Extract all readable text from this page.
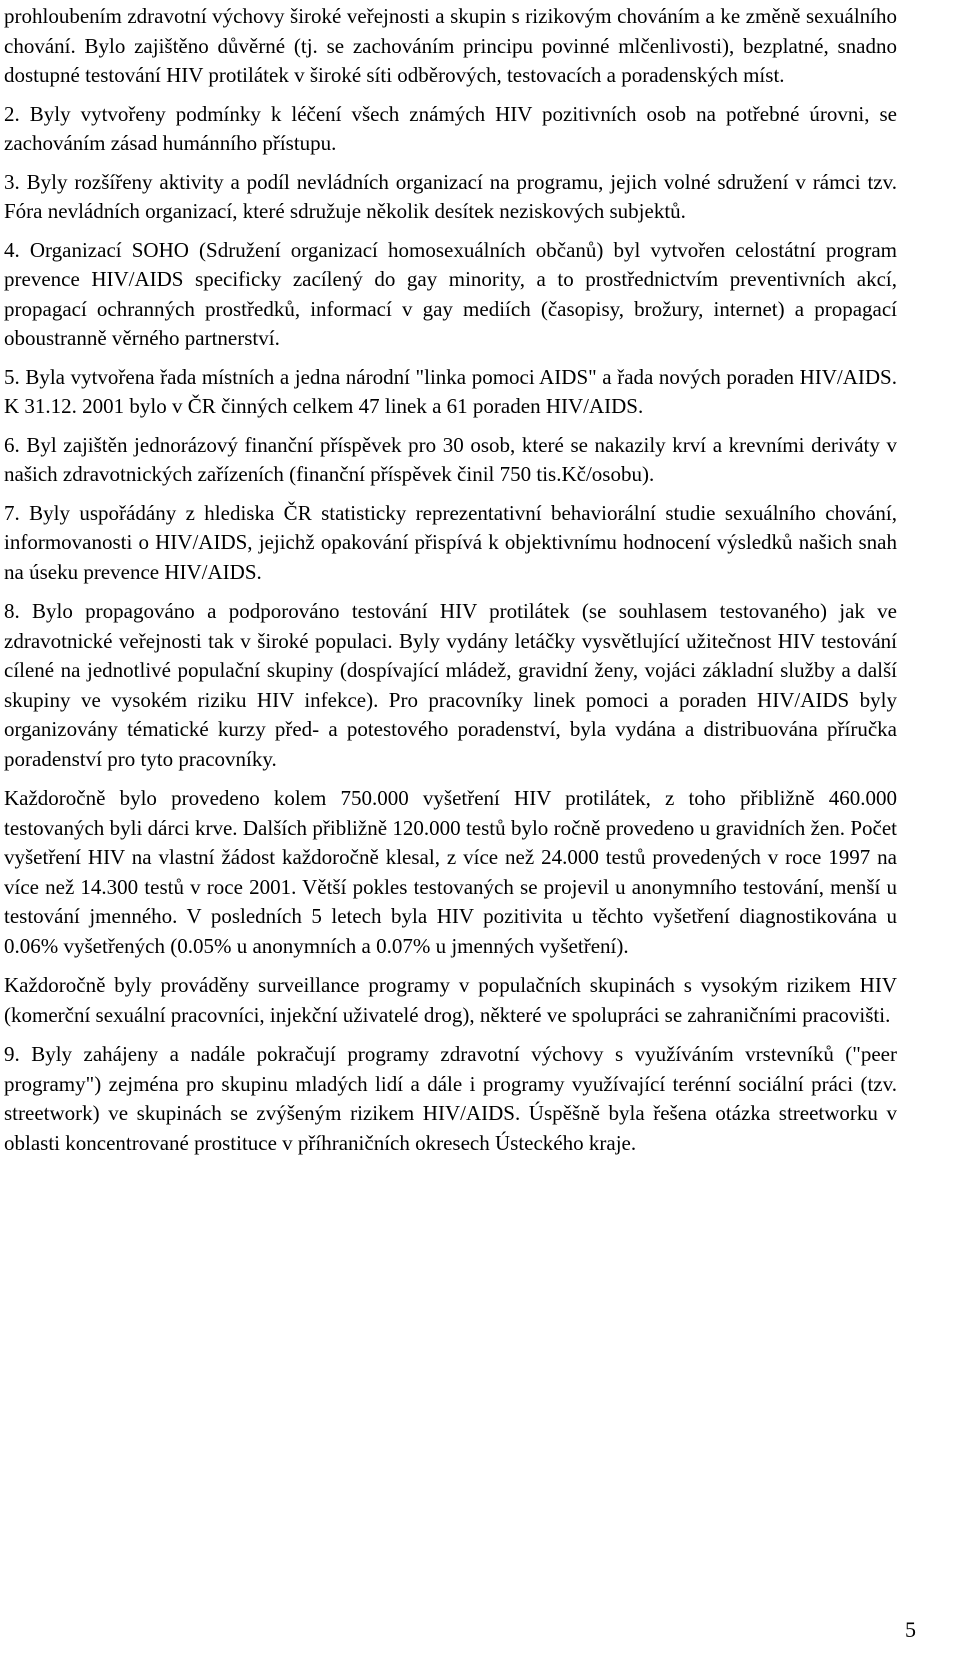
prohloubením zdravotní výchovy široké veřejnosti a skupin s rizikovým chováním a ke změně sexuálního chování. Bylo zajištěno důvěrné (tj. se zachováním principu povinné mlčenlivosti), bezplatné, snadno dostupné testování HIV protilátek v široké síti odběrových, testovacích a poradenských míst.

2. Byly vytvořeny podmínky k léčení všech známých HIV pozitivních osob na potřebné úrovni, se zachováním zásad humánního přístupu.

3. Byly rozšířeny aktivity a podíl nevládních organizací na programu, jejich volné sdružení v rámci tzv. Fóra nevládních organizací, které sdružuje několik desítek neziskových subjektů.

4. Organizací SOHO (Sdružení organizací homosexuálních občanů) byl vytvořen celostátní program prevence HIV/AIDS specificky zacílený do gay minority, a to prostřednictvím preventivních akcí, propagací ochranných prostředků, informací v gay mediích (časopisy, brožury, internet) a propagací oboustranně věrného partnerství.

5. Byla vytvořena řada místních a jedna národní "linka pomoci AIDS" a řada nových poraden HIV/AIDS. K 31.12. 2001 bylo v ČR činných celkem 47 linek a 61 poraden HIV/AIDS.

6. Byl zajištěn jednorázový finanční příspěvek pro 30 osob, které se nakazily krví a krevními deriváty v našich zdravotnických zařízeních (finanční příspěvek činil 750 tis.Kč/osobu).

7. Byly uspořádány z hlediska ČR statisticky reprezentativní behaviorální studie sexuálního chování, informovanosti o HIV/AIDS, jejichž opakování přispívá k objektivnímu hodnocení výsledků našich snah na úseku prevence HIV/AIDS.

8. Bylo propagováno a podporováno testování HIV protilátek (se souhlasem testovaného) jak ve zdravotnické veřejnosti tak v široké populaci. Byly vydány letáčky vysvětlující užitečnost HIV testování cílené na jednotlivé populační skupiny (dospívající mládež, gravidní ženy, vojáci základní služby a další skupiny ve vysokém riziku HIV infekce). Pro pracovníky linek pomoci a poraden HIV/AIDS byly organizovány tématické kurzy před- a potestového poradenství, byla vydána a distribuována příručka poradenství pro tyto pracovníky.

Každoročně bylo provedeno kolem 750.000 vyšetření HIV protilátek, z toho přibližně 460.000 testovaných byli dárci krve. Dalších přibližně 120.000 testů bylo ročně provedeno u gravidních žen. Počet vyšetření HIV na vlastní žádost každoročně klesal, z více než 24.000 testů provedených v roce 1997 na více než 14.300 testů v roce 2001. Větší pokles testovaných se projevil u anonymního testování, menší u testování jmenného. V posledních 5 letech byla HIV pozitivita u těchto vyšetření diagnostikována u 0.06% vyšetřených (0.05% u anonymních a 0.07% u jmenných vyšetření).

Každoročně byly prováděny surveillance programy v populačních skupinách s vysokým rizikem HIV (komerční sexuální pracovníci, injekční uživatelé drog), některé ve spolupráci se zahraničními pracovišti.

9. Byly zahájeny a nadále pokračují programy zdravotní výchovy s využíváním vrstevníků ("peer programy") zejména pro skupinu mladých lidí a dále i programy využívající terénní sociální práci (tzv. streetwork) ve skupinách se zvýšeným rizikem HIV/AIDS. Úspěšně byla řešena otázka streetworku v oblasti koncentrované prostituce v příhraničních okresech Ústeckého kraje.

5
